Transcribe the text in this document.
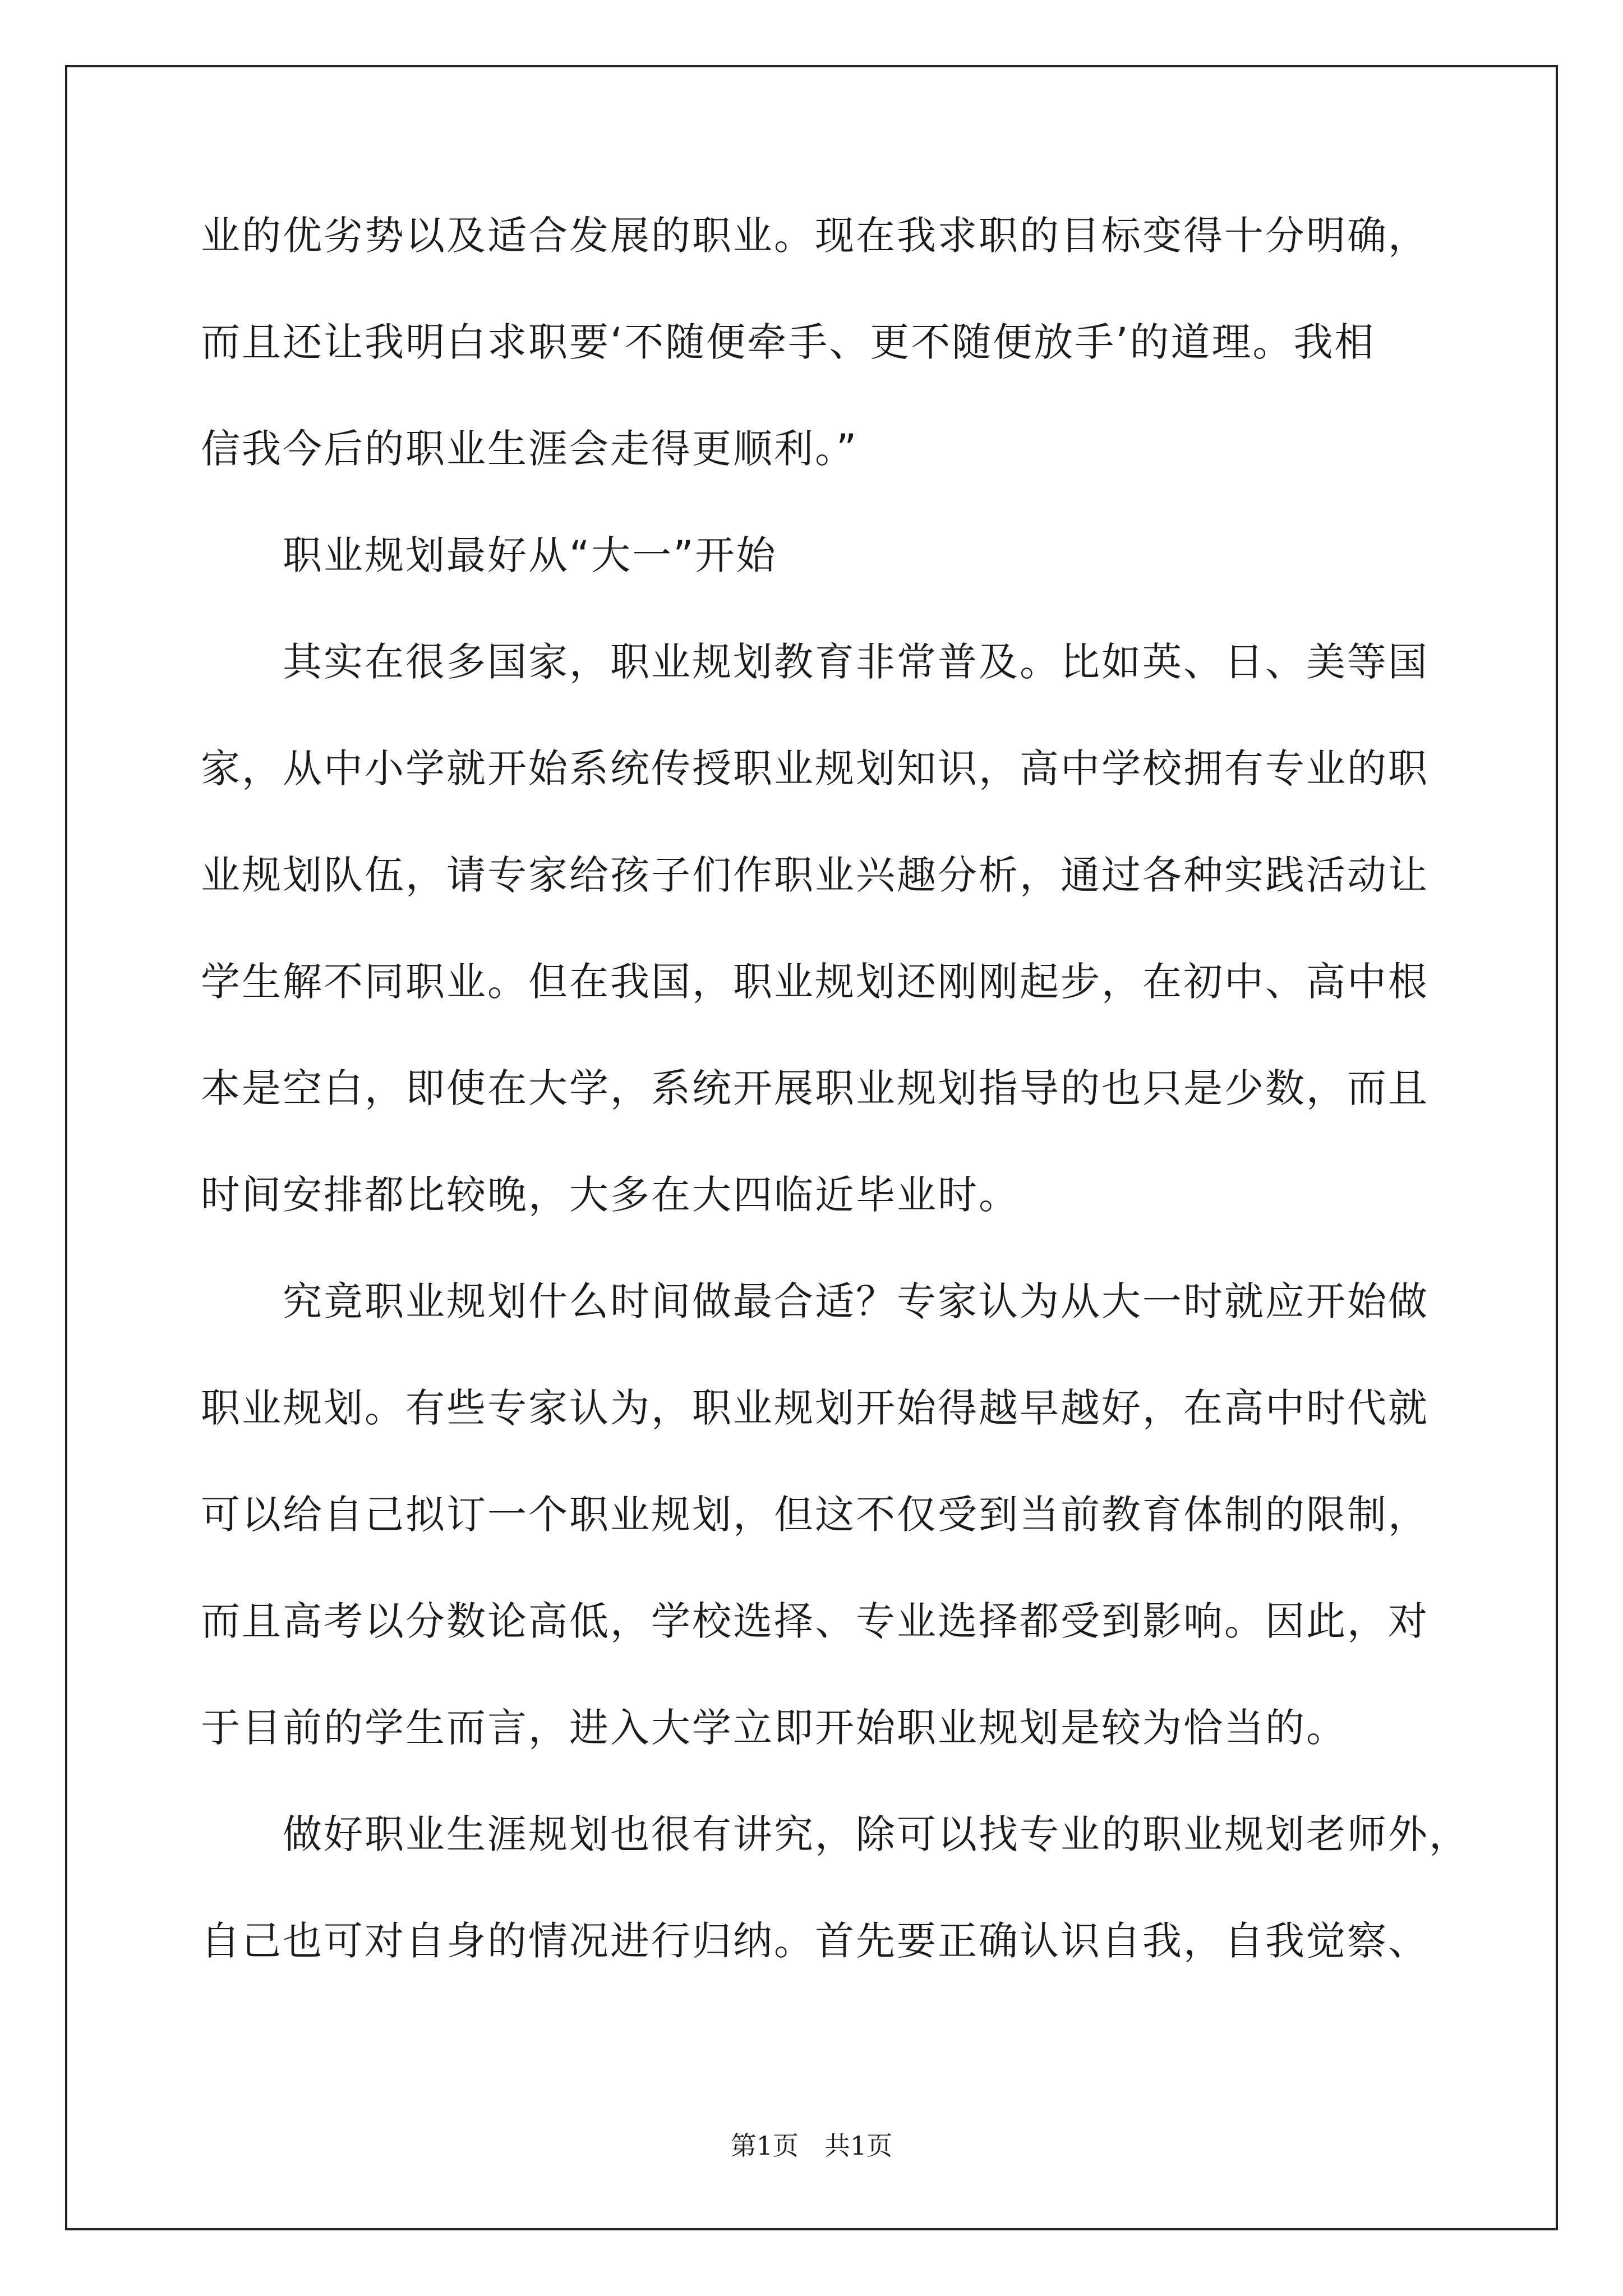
业的优劣势以及适合发展的职业。现在我求职的目标变得十分明确，
而且还让我明白求职要‘不随便牵手、更不随便放手’的道理。我相
信我今后的职业生涯会走得更顺利。”
职业规划最好从“大一”开始
其实在很多国家，职业规划教育非常普及。比如英、日、美等国
家，从中小学就开始系统传授职业规划知识，高中学校拥有专业的职
业规划队伍，请专家给孩子们作职业兴趣分析，通过各种实践活动让
学生解不同职业。但在我国，职业规划还刚刚起步，在初中、高中根
本是空白，即使在大学，系统开展职业规划指导的也只是少数，而且
时间安排都比较晚，大多在大四临近毕业时。
究竟职业规划什么时间做最合适？专家认为从大一时就应开始做
职业规划。有些专家认为，职业规划开始得越早越好，在高中时代就
可以给自己拟订一个职业规划，但这不仅受到当前教育体制的限制，
而且高考以分数论高低，学校选择、专业选择都受到影响。因此，对
于目前的学生而言，进入大学立即开始职业规划是较为恰当的。
做好职业生涯规划也很有讲究，除可以找专业的职业规划老师外，
自己也可对自身的情况进行归纳。首先要正确认识自我，自我觉察、
第1页　共1页
